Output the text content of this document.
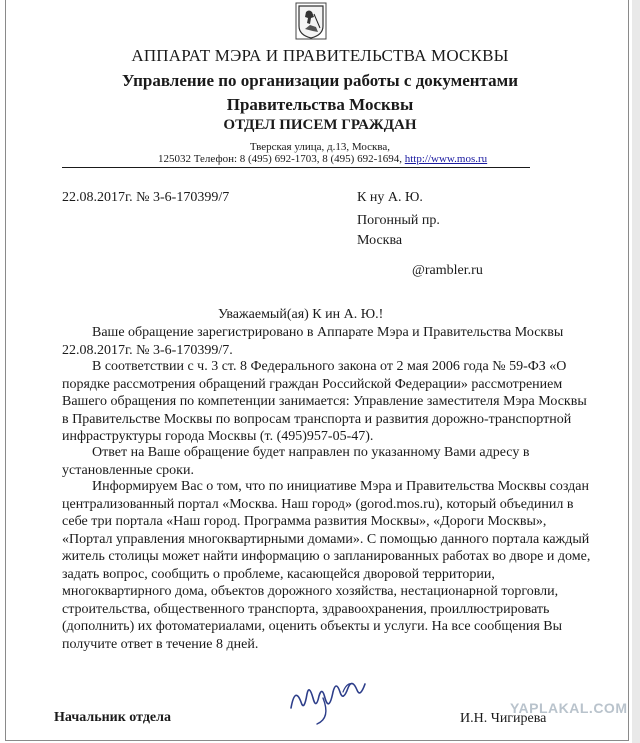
АППАРАТ МЭРА И ПРАВИТЕЛЬСТВА МОСКВЫ
Управление по организации работы с документами
Правительства Москвы
ОТДЕЛ ПИСЕМ ГРАЖДАН
Тверская улица, д.13, Москва,
125032 Телефон: 8 (495) 692-1703, 8 (495) 692-1694, http://www.mos.ru
22.08.2017г. № 3-6-170399/7	К ну А. Ю.
Погонный пр.
Москва
@rambler.ru
Уважаемый(ая) К ин А. Ю.!
Ваше обращение зарегистрировано в Аппарате Мэра и Правительства Москвы 22.08.2017г. № 3-6-170399/7.
В соответствии с ч. 3 ст. 8 Федерального закона от 2 мая 2006 года № 59-ФЗ «О порядке рассмотрения обращений граждан Российской Федерации» рассмотрением Вашего обращения по компетенции занимается: Управление заместителя Мэра Москвы в Правительстве Москвы по вопросам транспорта и развития дорожно-транспортной инфраструктуры города Москвы (т. (495)957-05-47).
Ответ на Ваше обращение будет направлен по указанному Вами адресу в установленные сроки.
Информируем Вас о том, что по инициативе Мэра и Правительства Москвы создан централизованный портал «Москва. Наш город» (gorod.mos.ru), который объединил в себе три портала «Наш город. Программа развития Москвы», «Дороги Москвы», «Портал управления многоквартирными домами». С помощью данного портала каждый житель столицы может найти информацию о запланированных работах во дворе и доме, задать вопрос, сообщить о проблеме, касающейся дворовой территории, многоквартирного дома, объектов дорожного хозяйства, нестационарной торговли, строительства, общественного транспорта, здравоохранения, проиллюстрировать (дополнить) их фотоматериалами, оценить объекты и услуги. На все сообщения Вы получите ответ в течение 8 дней.
Начальник отдела	И.Н. Чигирева
YAPLAKAL.COM
